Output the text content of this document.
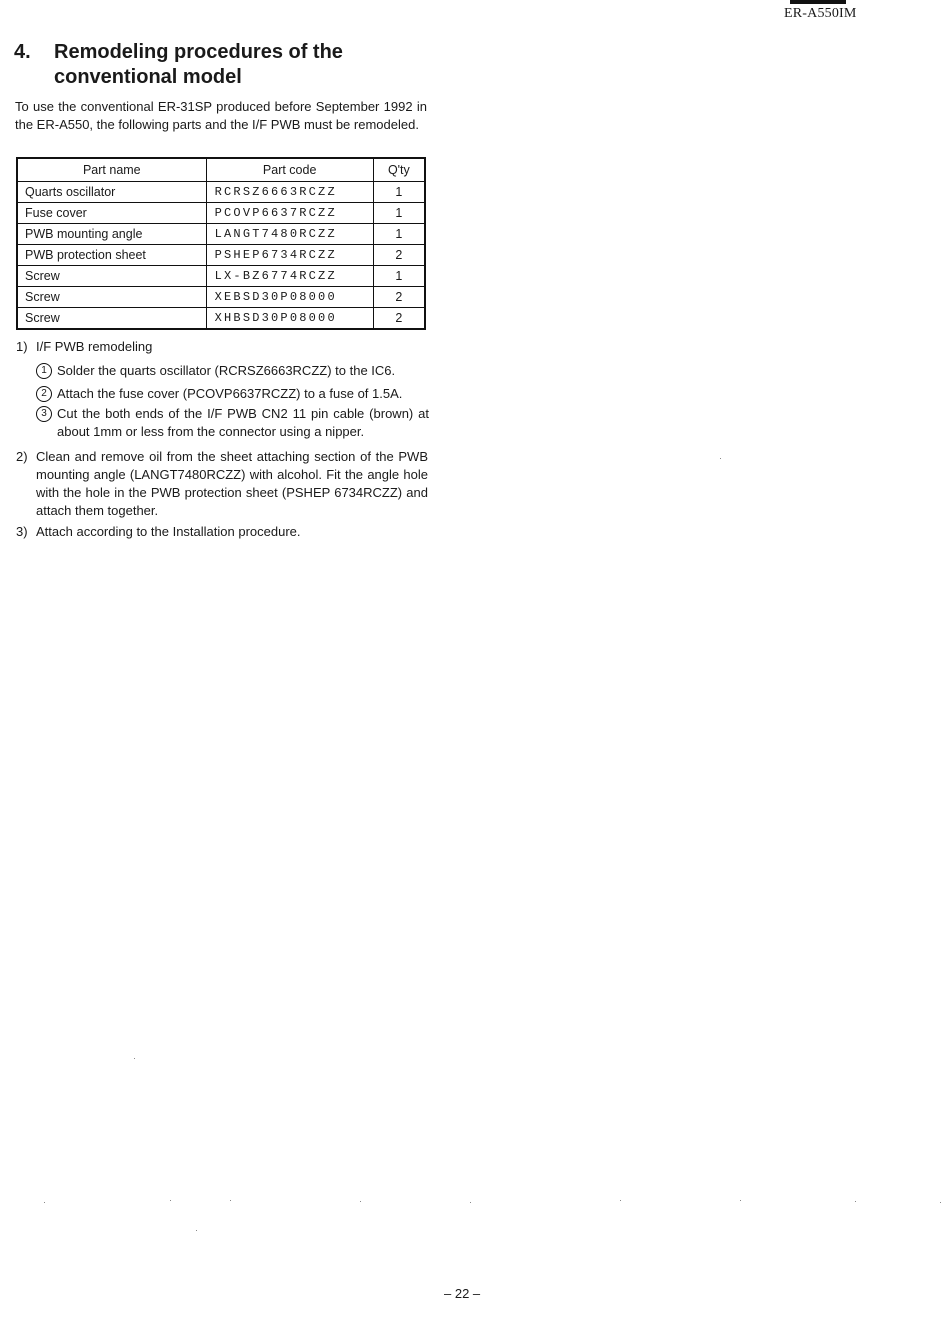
ER-A550IM
4. Remodeling procedures of the
conventional model
To use the conventional ER-31SP produced before September 1992 in the ER-A550, the following parts and the I/F PWB must be remodeled.
Part name	Part code	Q'ty
Quarts oscillator	RCRSZ6663RCZZ	1
Fuse cover	PCOVP6637RCZZ	1
PWB mounting angle	LANGT7480RCZZ	1
PWB protection sheet	PSHEP6734RCZZ	2
Screw	LX-BZ6774RCZZ	1
Screw	XEBSD30P08000	2
Screw	XHBSD30P08000	2
1) I/F PWB remodeling
1 Solder the quarts oscillator (RCRSZ6663RCZZ) to the IC6.
2 Attach the fuse cover (PCOVP6637RCZZ) to a fuse of 1.5A.
3 Cut the both ends of the I/F PWB CN2 11 pin cable (brown) at about 1mm or less from the connector using a nipper.
2) Clean and remove oil from the sheet attaching section of the PWB mounting angle (LANGT7480RCZZ) with alcohol. Fit the angle hole with the hole in the PWB protection sheet (PSHEP 6734RCZZ) and attach them together.
3) Attach according to the Installation procedure.
– 22 –
